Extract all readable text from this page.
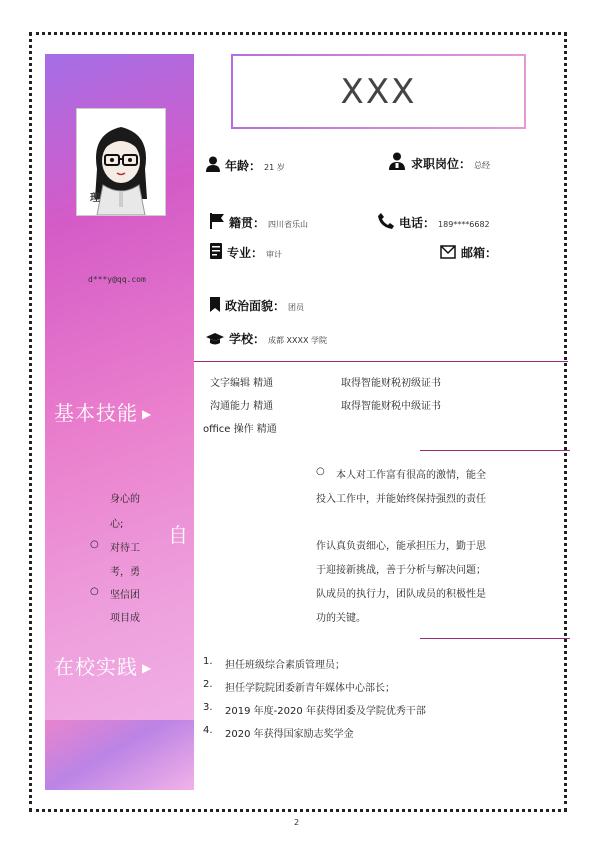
理
d***y@qq.com
基本技能 ▶
身心的
心;
○ 对待工
考，勇
○ 坚信团
项目成
自
在校实践 ▶
XXX
年龄： 21 岁	求职岗位： 总经
籍贯： 四川省乐山	电话： 189****6682
专业： 审计	邮箱：
政治面貌： 团员
学校： 成都 XXXX 学院
文字编辑 精通	取得智能财税初级证书
沟通能力 精通	取得智能财税中级证书
office 操作 精通
○ 本人对工作富有很高的激情，能全
投入工作中，并能始终保持强烈的责任
作认真负责细心，能承担压力，勤于思
于迎接新挑战，善于分析与解决问题；
队成员的执行力，团队成员的积极性是
功的关键。
1. 担任班级综合素质管理员；
2. 担任学院院团委新青年媒体中心部长；
3. 2019 年度-2020 年获得团委及学院优秀干部
4. 2020 年获得国家励志奖学金
2
